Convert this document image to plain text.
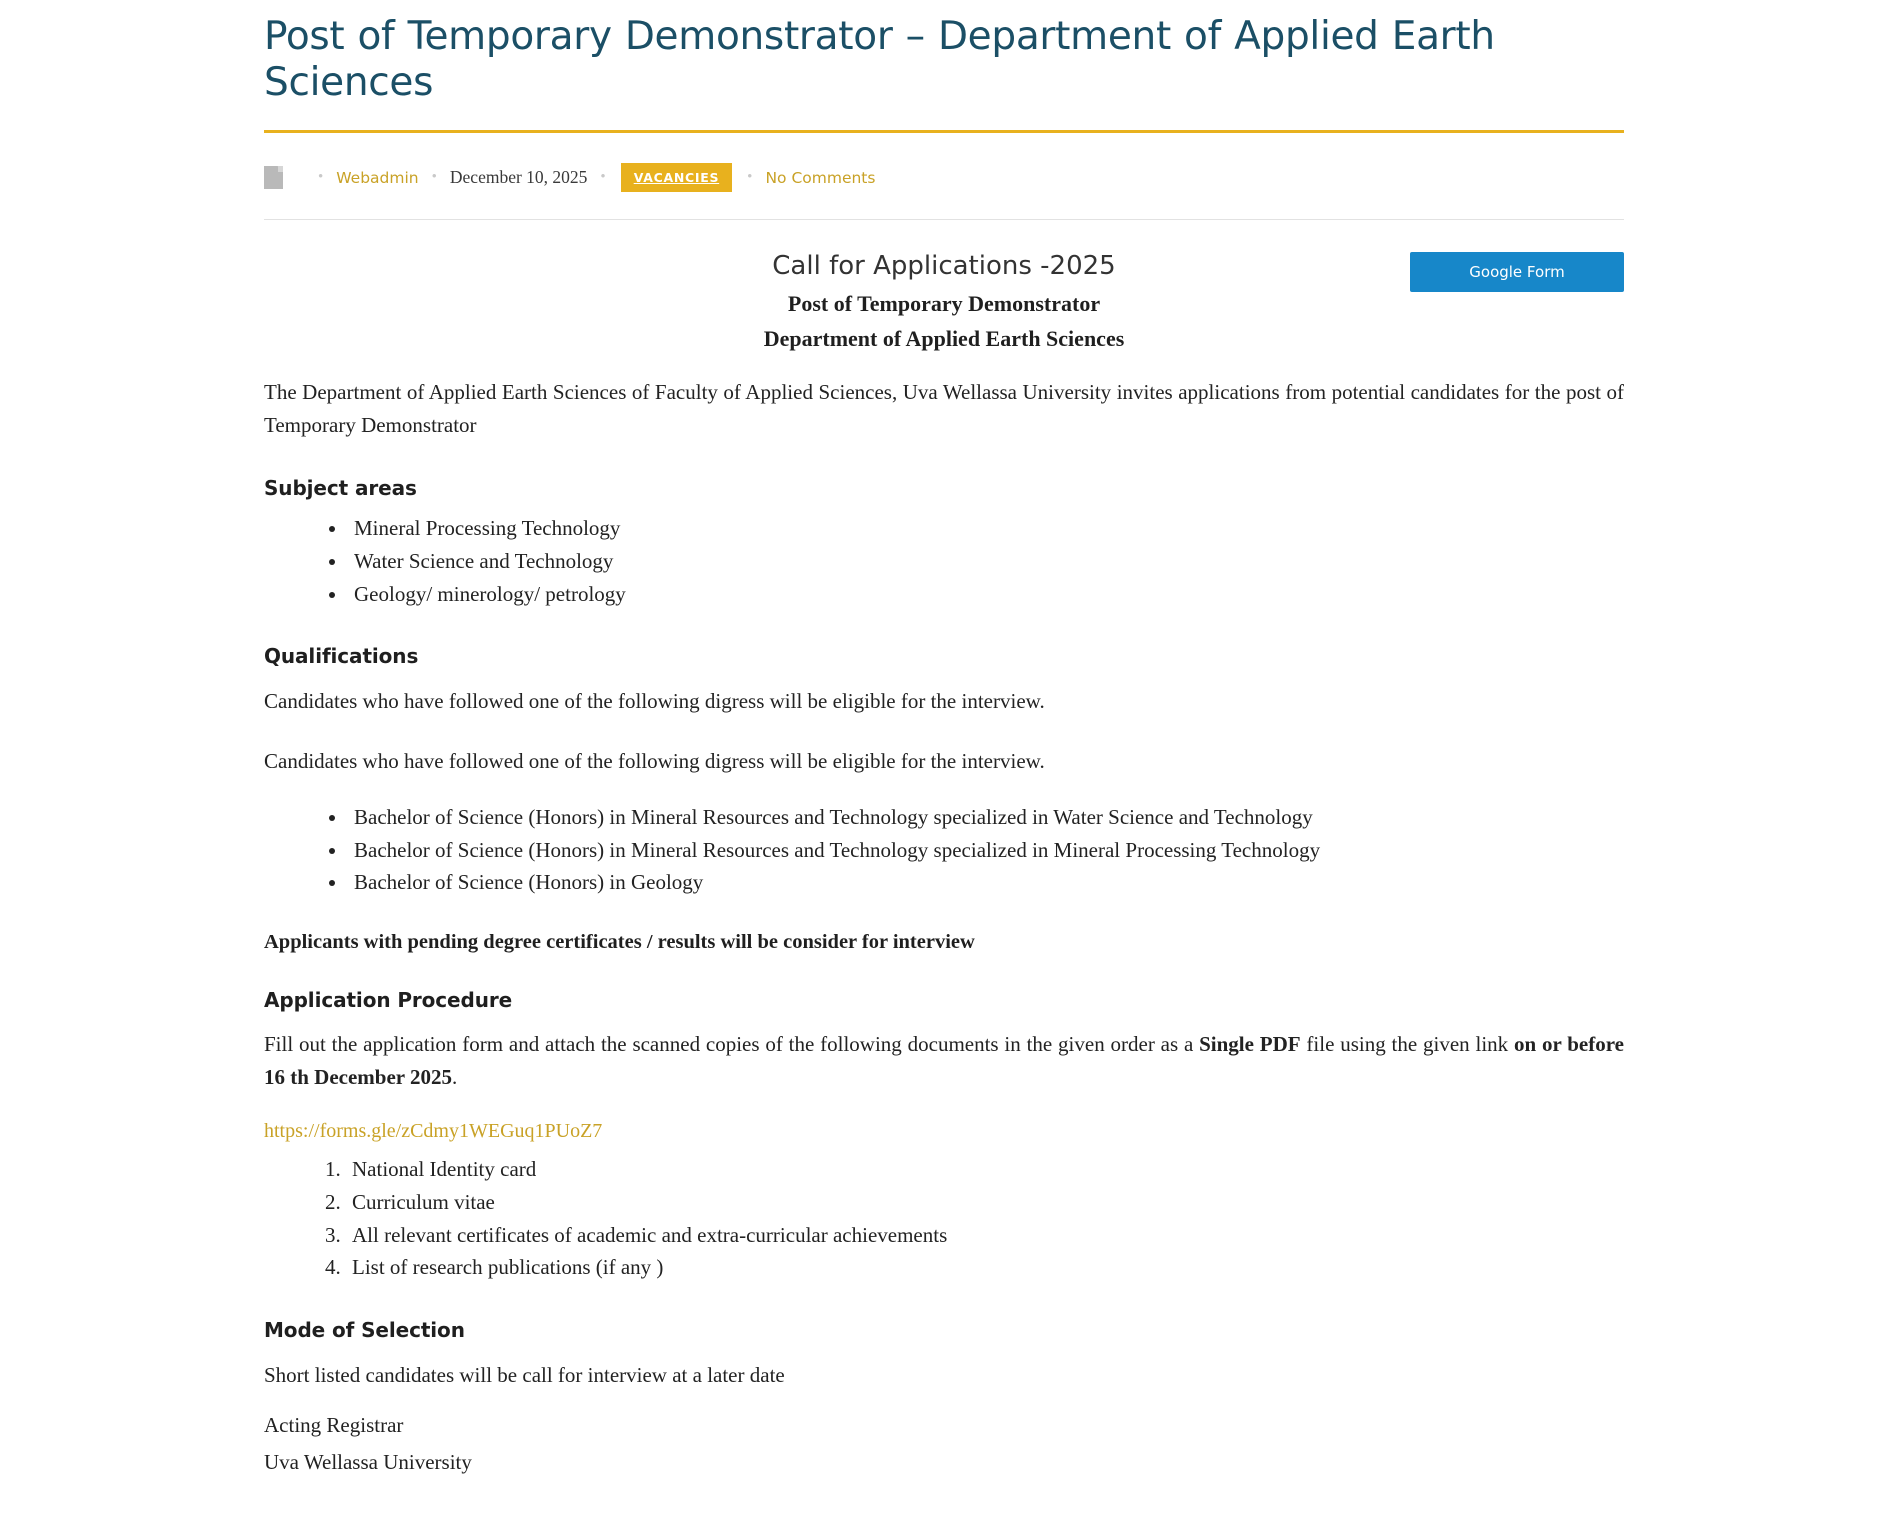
Post of Temporary Demonstrator – Department of Applied Earth Sciences
• Webadmin • December 10, 2025 •	VACANCIES	• No Comments
Google Form

Call for Applications -2025

Post of Temporary Demonstrator

Department of Applied Earth Sciences

The Department of Applied Earth Sciences of Faculty of Applied Sciences, Uva Wellassa University invites applications from potential candidates for the post of Temporary Demonstrator

Subject areas
• Mineral Processing Technology
• Water Science and Technology
• Geology/ minerology/ petrology
Qualifications

Candidates who have followed one of the following digress will be eligible for the interview.

Candidates who have followed one of the following digress will be eligible for the interview.

• Bachelor of Science (Honors) in Mineral Resources and Technology specialized in Water Science and Technology
• Bachelor of Science (Honors) in Mineral Resources and Technology specialized in Mineral Processing Technology
• Bachelor of Science (Honors) in Geology

Applicants with pending degree certificates / results will be consider for interview

Application Procedure

Fill out the application form and attach the scanned copies of the following documents in the given order as a Single PDF file using the given link on or before 16 th December 2025.

https://forms.gle/zCdmy1WEGuq1PUoZ7
1. National Identity card
2. Curriculum vitae
3. All relevant certificates of academic and extra-curricular achievements
4. List of research publications (if any )
Mode of Selection

Short listed candidates will be call for interview at a later date

Acting Registrar

Uva Wellassa University
